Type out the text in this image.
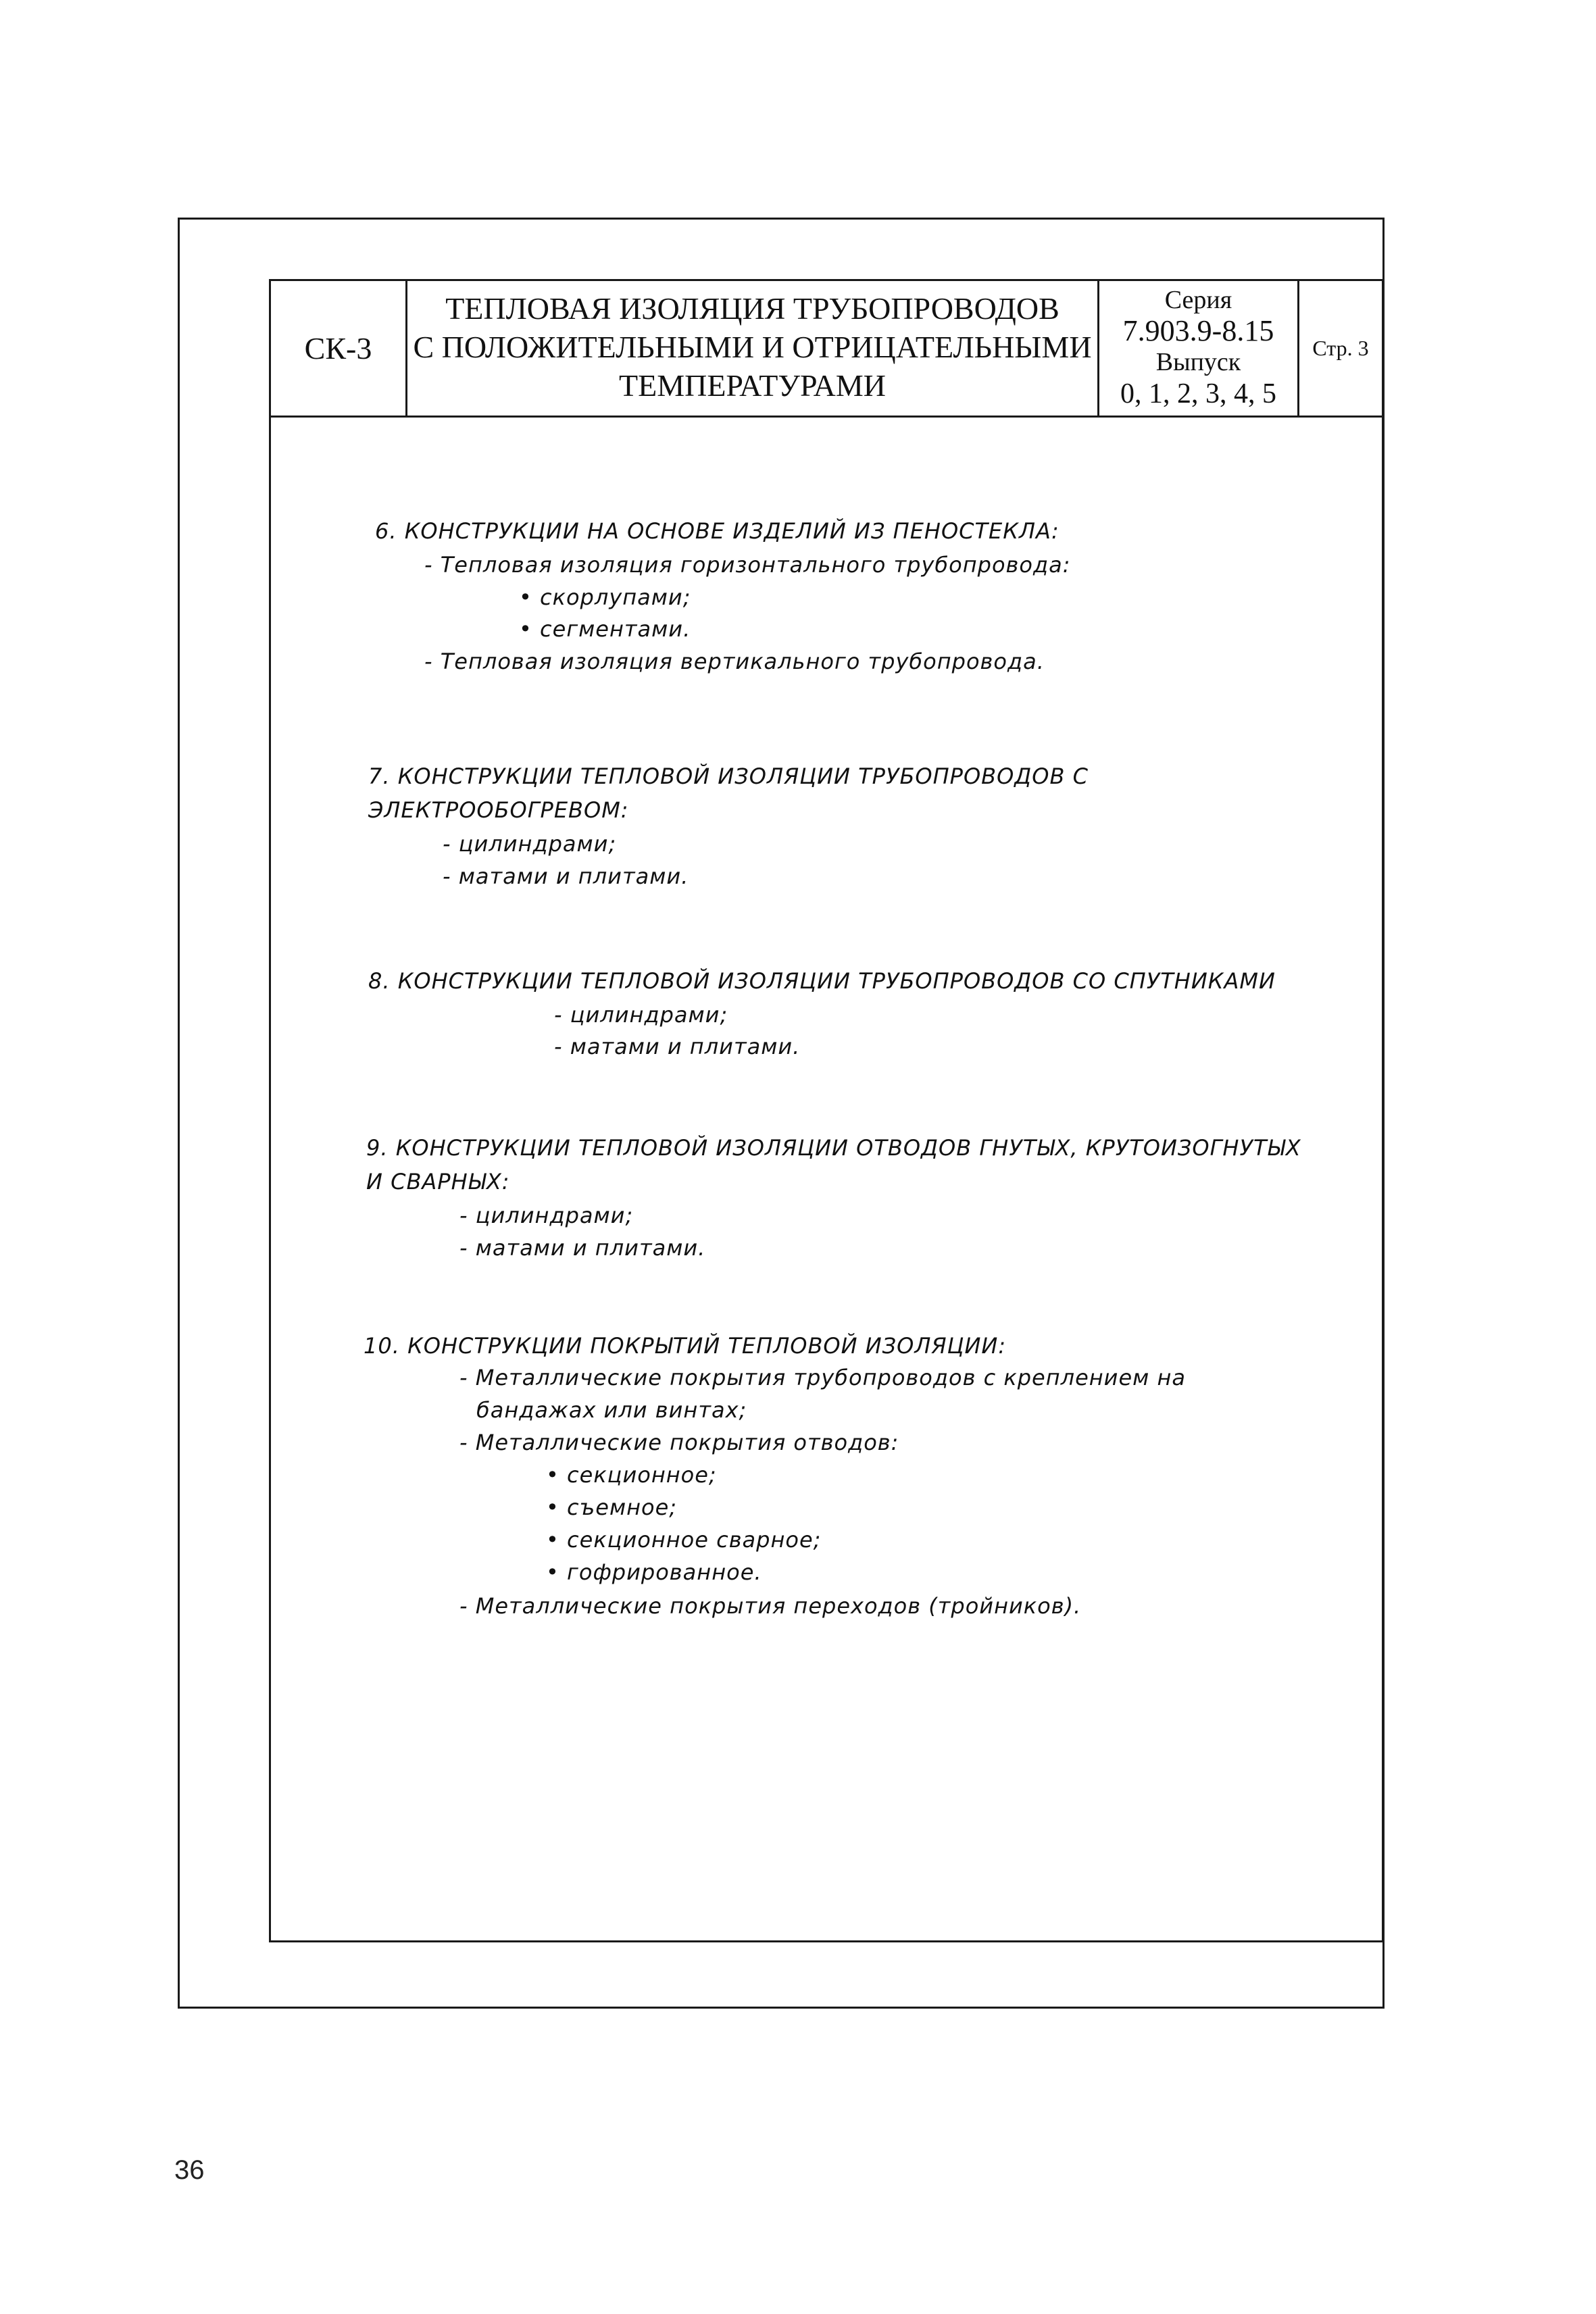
СК-3
ТЕПЛОВАЯ ИЗОЛЯЦИЯ ТРУБОПРОВОДОВ
С ПОЛОЖИТЕЛЬНЫМИ И ОТРИЦАТЕЛЬНЫМИ
ТЕМПЕРАТУРАМИ
Серия
7.903.9-8.15
Выпуск
0, 1, 2, 3, 4, 5
Стр. 3
6. КОНСТРУКЦИИ НА ОСНОВЕ ИЗДЕЛИЙ ИЗ ПЕНОСТЕКЛА:
- Тепловая изоляция горизонтального трубопровода:
• скорлупами;
• сегментами.
- Тепловая изоляция вертикального трубопровода.
7. КОНСТРУКЦИИ ТЕПЛОВОЙ ИЗОЛЯЦИИ ТРУБОПРОВОДОВ С
ЭЛЕКТРООБОГРЕВОМ:
- цилиндрами;
- матами и плитами.
8. КОНСТРУКЦИИ ТЕПЛОВОЙ ИЗОЛЯЦИИ ТРУБОПРОВОДОВ СО СПУТНИКАМИ
- цилиндрами;
- матами и плитами.
9. КОНСТРУКЦИИ ТЕПЛОВОЙ ИЗОЛЯЦИИ ОТВОДОВ ГНУТЫХ, КРУТОИЗОГНУТЫХ
И СВАРНЫХ:
- цилиндрами;
- матами и плитами.
10. КОНСТРУКЦИИ ПОКРЫТИЙ ТЕПЛОВОЙ ИЗОЛЯЦИИ:
- Металлические покрытия трубопроводов с креплением на
бандажах или винтах;
- Металлические покрытия отводов:
• секционное;
• съемное;
• секционное сварное;
• гофрированное.
- Металлические покрытия переходов (тройников).
36
